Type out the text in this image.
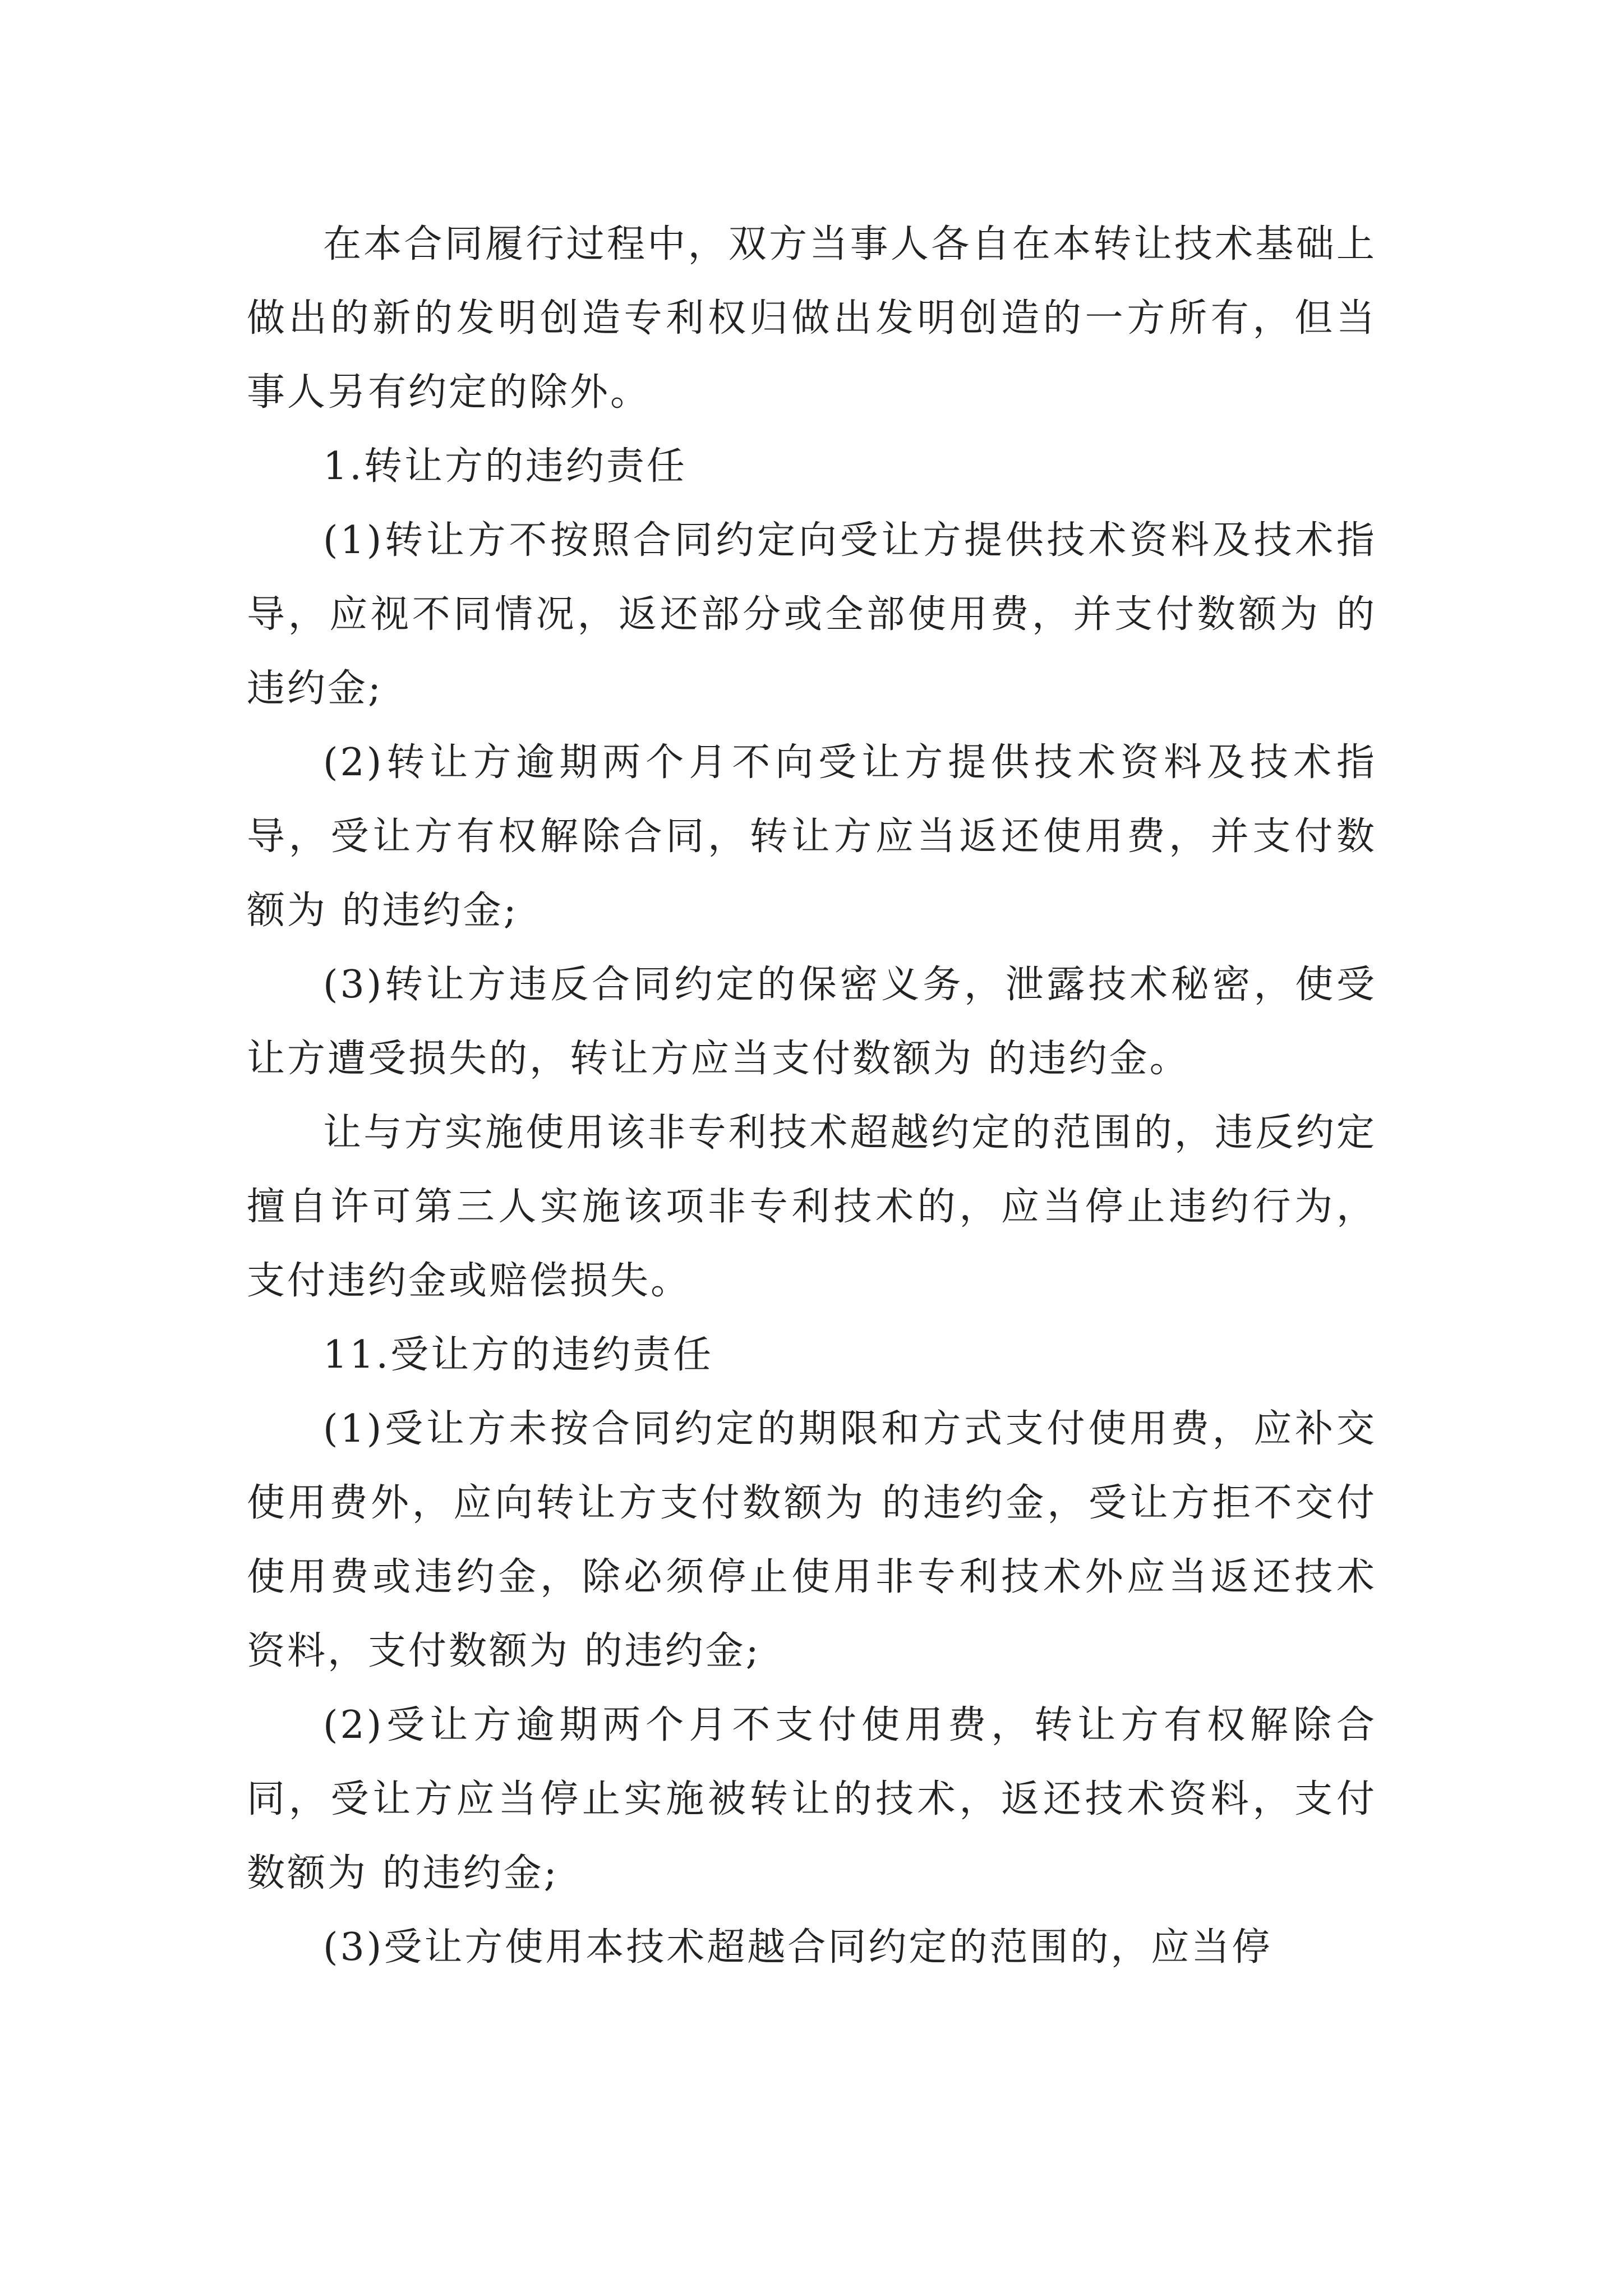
在本合同履行过程中，双方当事人各自在本转让技术基础上做出的新的发明创造专利权归做出发明创造的一方所有，但当事人另有约定的除外。

1.转让方的违约责任

(1)转让方不按照合同约定向受让方提供技术资料及技术指导，应视不同情况，返还部分或全部使用费，并支付数额为 的违约金;

(2)转让方逾期两个月不向受让方提供技术资料及技术指导，受让方有权解除合同，转让方应当返还使用费，并支付数额为 的违约金;

(3)转让方违反合同约定的保密义务，泄露技术秘密，使受让方遭受损失的，转让方应当支付数额为 的违约金。

让与方实施使用该非专利技术超越约定的范围的，违反约定擅自许可第三人实施该项非专利技术的，应当停止违约行为，支付违约金或赔偿损失。

11.受让方的违约责任

(1)受让方未按合同约定的期限和方式支付使用费，应补交使用费外，应向转让方支付数额为 的违约金，受让方拒不交付使用费或违约金，除必须停止使用非专利技术外应当返还技术资料，支付数额为 的违约金;

(2)受让方逾期两个月不支付使用费，转让方有权解除合同，受让方应当停止实施被转让的技术，返还技术资料，支付数额为 的违约金;

(3)受让方使用本技术超越合同约定的范围的，应当停
